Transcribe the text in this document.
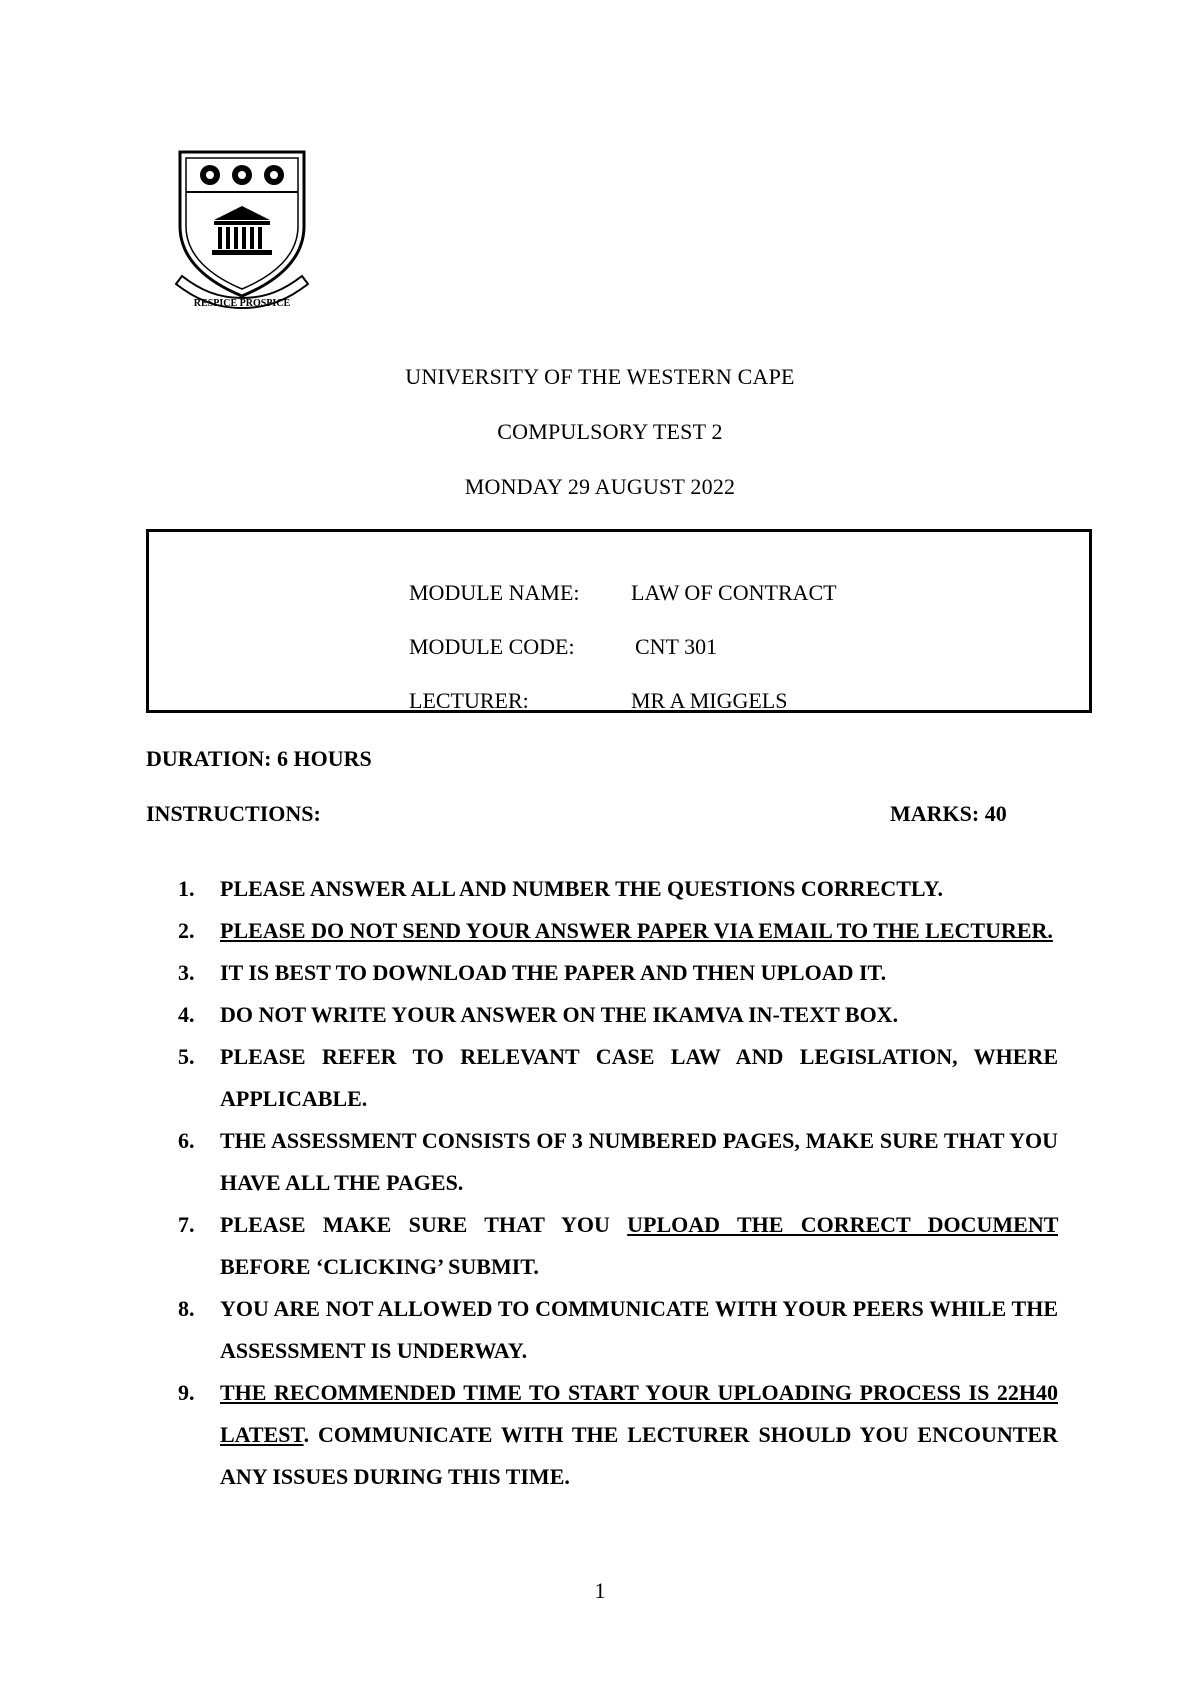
RESPICE PROSPICE
UNIVERSITY OF THE WESTERN CAPE
COMPULSORY TEST 2
MONDAY 29 AUGUST 2022
MODULE NAME: LAW OF CONTRACT
MODULE CODE:	CNT 301
LECTURER:	MR A MIGGELS
DURATION: 6 HOURS
INSTRUCTIONS:	MARKS: 40
1. PLEASE ANSWER ALL AND NUMBER THE QUESTIONS CORRECTLY.
2. PLEASE DO NOT SEND YOUR ANSWER PAPER VIA EMAIL TO THE LECTURER.
3. IT IS BEST TO DOWNLOAD THE PAPER AND THEN UPLOAD IT.
4. DO NOT WRITE YOUR ANSWER ON THE IKAMVA IN-TEXT BOX.
5. PLEASE REFER TO RELEVANT CASE LAW AND LEGISLATION, WHERE APPLICABLE.
6. THE ASSESSMENT CONSISTS OF 3 NUMBERED PAGES, MAKE SURE THAT YOU HAVE ALL THE PAGES.
7. PLEASE MAKE SURE THAT YOU UPLOAD THE CORRECT DOCUMENT BEFORE ‘CLICKING’ SUBMIT.
8. YOU ARE NOT ALLOWED TO COMMUNICATE WITH YOUR PEERS WHILE THE ASSESSMENT IS UNDERWAY.
9. THE RECOMMENDED TIME TO START YOUR UPLOADING PROCESS IS 22H40 LATEST. COMMUNICATE WITH THE LECTURER SHOULD YOU ENCOUNTER ANY ISSUES DURING THIS TIME.
1
